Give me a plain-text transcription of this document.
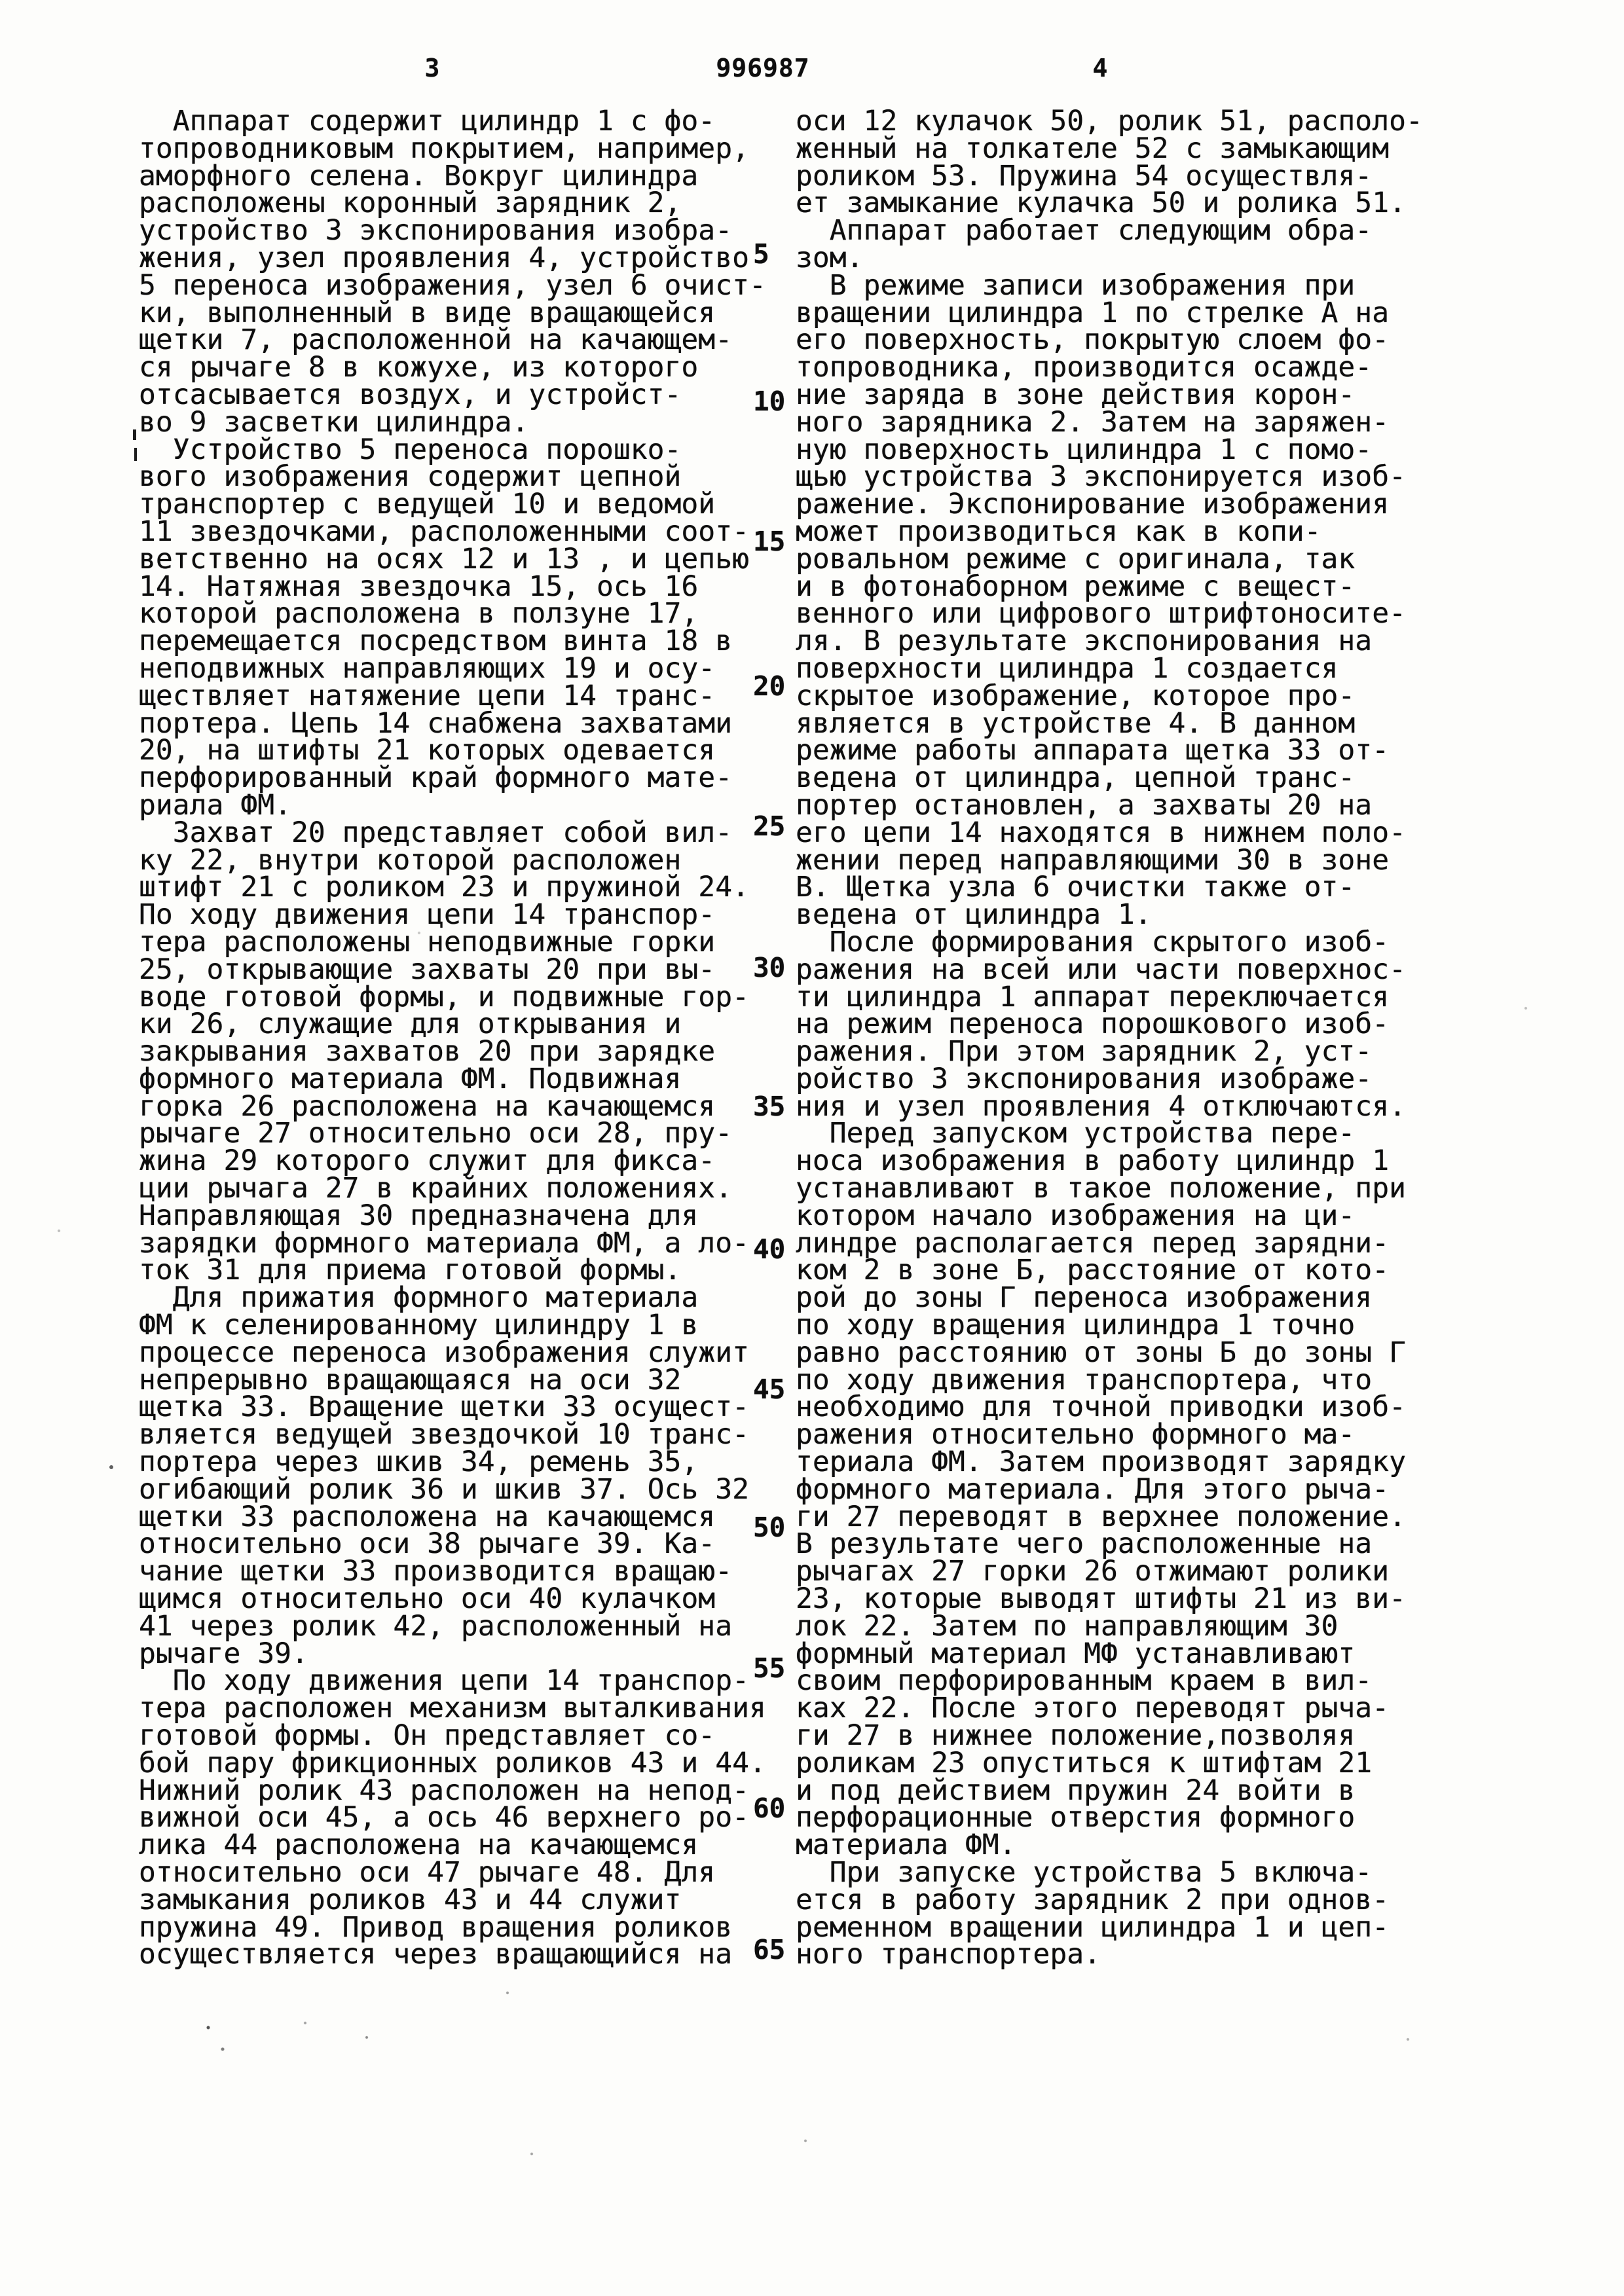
3	996987	4
Аппарат содержит цилиндр 1 с фо-
топроводниковым покрытием, например,
аморфного селена. Вокруг цилиндра
расположены коронный зарядник 2,
устройство 3 экспонирования изобра-
жения, узел проявления 4, устройство
5 переноса изображения, узел 6 очист-
ки, выполненный в виде вращающейся
щетки 7, расположенной на качающем-
ся рычаге 8 в кожухе, из которого
отсасывается воздух, и устройст-
во 9 засветки цилиндра.
Устройство 5 переноса порошко-
вого изображения содержит цепной
транспортер с ведущей 10 и ведомой
11 звездочками, расположенными соот-
ветственно на осях 12 и 13 , и цепью
14. Натяжная звездочка 15, ось 16
которой расположена в ползуне 17,
перемещается посредством винта 18 в
неподвижных направляющих 19 и осу-
ществляет натяжение цепи 14 транс-
портера. Цепь 14 снабжена захватами
20, на штифты 21 которых одевается
перфорированный край формного мате-
риала ФМ.
Захват 20 представляет собой вил-
ку 22, внутри которой расположен
штифт 21 с роликом 23 и пружиной 24.
По ходу движения цепи 14 транспор-
тера расположены неподвижные горки
25, открывающие захваты 20 при вы-
воде готовой формы, и подвижные гор-
ки 26, служащие для открывания и
закрывания захватов 20 при зарядке
формного материала ФМ. Подвижная
горка 26 расположена на качающемся
рычаге 27 относительно оси 28, пру-
жина 29 которого служит для фикса-
ции рычага 27 в крайних положениях.
Направляющая 30 предназначена для
зарядки формного материала ФМ, а ло-
ток 31 для приема готовой формы.
Для прижатия формного материала
ФМ к селенированному цилиндру 1 в
процессе переноса изображения служит
непрерывно вращающаяся на оси 32
щетка 33. Вращение щетки 33 осущест-
вляется ведущей звездочкой 10 транс-
портера через шкив 34, ремень 35,
огибающий ролик 36 и шкив 37. Ось 32
щетки 33 расположена на качающемся
относительно оси 38 рычаге 39. Ка-
чание щетки 33 производится вращаю-
щимся относительно оси 40 кулачком
41 через ролик 42, расположенный на
рычаге 39.
По ходу движения цепи 14 транспор-
тера расположен механизм выталкивания
готовой формы. Он представляет со-
бой пару фрикционных роликов 43 и 44.
Нижний ролик 43 расположен на непод-
вижной оси 45, а ось 46 верхнего ро-
лика 44 расположена на качающемся
относительно оси 47 рычаге 48. Для
замыкания роликов 43 и 44 служит
пружина 49. Привод вращения роликов
осуществляется через вращающийся на
5
10
15
20
25
30
35
40
45
50
55
60
65
оси 12 кулачок 50, ролик 51, располо-
женный на толкателе 52 с замыкающим
роликом 53. Пружина 54 осуществля-
ет замыкание кулачка 50 и ролика 51.
Аппарат работает следующим обра-
зом.
В режиме записи изображения при
вращении цилиндра 1 по стрелке А на
его поверхность, покрытую слоем фо-
топроводника, производится осажде-
ние заряда в зоне действия корон-
ного зарядника 2. Затем на заряжен-
ную поверхность цилиндра 1 с помо-
щью устройства 3 экспонируется изоб-
ражение. Экспонирование изображения
может производиться как в копи-
ровальном режиме с оригинала, так
и в фотонаборном режиме с вещест-
венного или цифрового штрифтоносите-
ля. В результате экспонирования на
поверхности цилиндра 1 создается
скрытое изображение, которое про-
является в устройстве 4. В данном
режиме работы аппарата щетка 33 от-
ведена от цилиндра, цепной транс-
портер остановлен, а захваты 20 на
его цепи 14 находятся в нижнем поло-
жении перед направляющими 30 в зоне
В. Щетка узла 6 очистки также от-
ведена от цилиндра 1.
После формирования скрытого изоб-
ражения на всей или части поверхнос-
ти цилиндра 1 аппарат переключается
на режим переноса порошкового изоб-
ражения. При этом зарядник 2, уст-
ройство 3 экспонирования изображе-
ния и узел проявления 4 отключаются.
Перед запуском устройства пере-
носа изображения в работу цилиндр 1
устанавливают в такое положение, при
котором начало изображения на ци-
линдре располагается перед зарядни-
ком 2 в зоне Б, расстояние от кото-
рой до зоны Г переноса изображения
по ходу вращения цилиндра 1 точно
равно расстоянию от зоны Б до зоны Г
по ходу движения транспортера, что
необходимо для точной приводки изоб-
ражения относительно формного ма-
териала ФМ. Затем производят зарядку
формного материала. Для этого рыча-
ги 27 переводят в верхнее положение.
В результате чего расположенные на
рычагах 27 горки 26 отжимают ролики
23, которые выводят штифты 21 из ви-
лок 22. Затем по направляющим 30
формный материал МФ устанавливают
своим перфорированным краем в вил-
ках 22. После этого переводят рыча-
ги 27 в нижнее положение,позволяя
роликам 23 опуститься к штифтам 21
и под действием пружин 24 войти в
перфорационные отверстия формного
материала ФМ.
При запуске устройства 5 включа-
ется в работу зарядник 2 при однов-
ременном вращении цилиндра 1 и цеп-
ного транспортера.
